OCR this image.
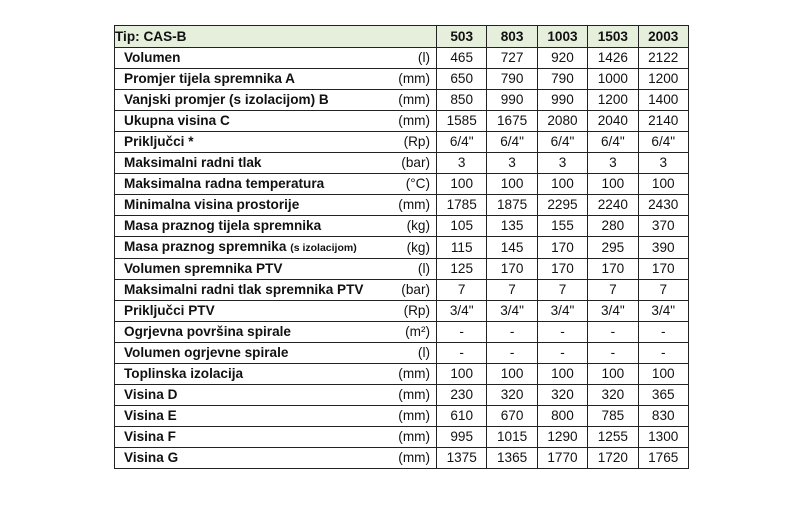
Tip: CAS-B	503	803	1003	1503	2003

Volumen (l)	465	727	920	1426	2122

Promjer tijela spremnika A (mm)	650	790	790	1000	1200

Vanjski promjer (s izolacijom) B (mm)	850	990	990	1200	1400

Ukupna visina C (mm)	1585	1675	2080	2040	2140

Priključci * (Rp)	6/4"	6/4"	6/4"	6/4"	6/4"

Maksimalni radni tlak (bar)	3	3	3	3	3

Maksimalna radna temperatura (°C)	100	100	100	100	100

Minimalna visina prostorije (mm)	1785	1875	2295	2240	2430

Masa praznog tijela spremnika (kg)	105	135	155	280	370

Masa praznog spremnika (s izolacijom) (kg)	115	145	170	295	390

Volumen spremnika PTV (l)	125	170	170	170	170

Maksimalni radni tlak spremnika PTV (bar)	7	7	7	7	7

Priključci PTV (Rp)	3/4"	3/4"	3/4"	3/4"	3/4"

Ogrjevna površina spirale (m²)	-	-	-	-	-

Volumen ogrjevne spirale (l)	-	-	-	-	-

Toplinska izolacija (mm)	100	100	100	100	100

Visina D (mm)	230	320	320	320	365

Visina E (mm)	610	670	800	785	830

Visina F (mm)	995	1015	1290	1255	1300

Visina G (mm)	1375	1365	1770	1720	1765
